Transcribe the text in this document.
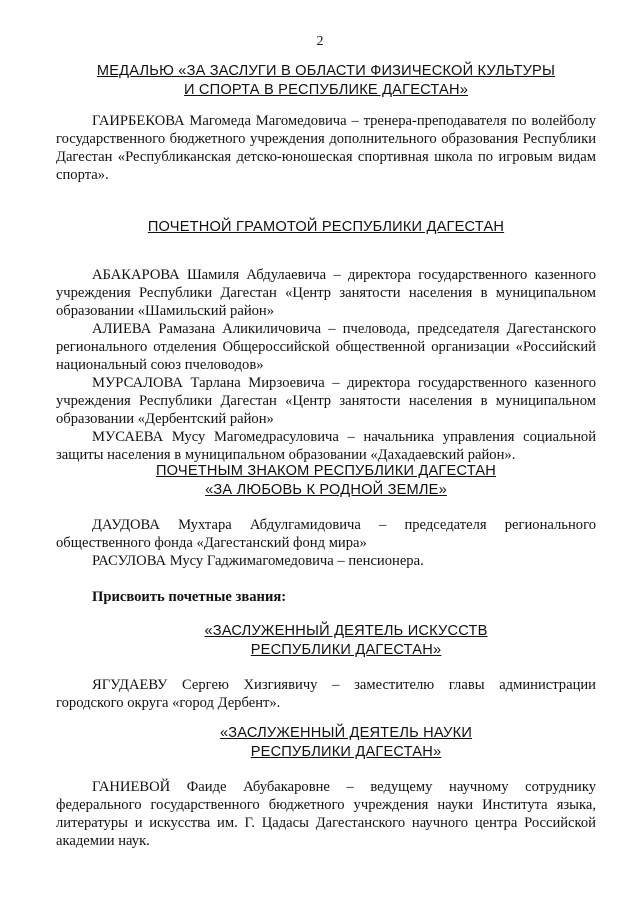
2
МЕДАЛЬЮ «ЗА ЗАСЛУГИ В ОБЛАСТИ ФИЗИЧЕСКОЙ КУЛЬТУРЫ
И СПОРТА В РЕСПУБЛИКЕ ДАГЕСТАН»

ГАИРБЕКОВА Магомеда Магомедовича – тренера-преподавателя по волейболу государственного бюджетного учреждения дополнительного образования Республики Дагестан «Республиканская детско-юношеская спортивная школа по игровым видам спорта».

ПОЧЕТНОЙ ГРАМОТОЙ РЕСПУБЛИКИ ДАГЕСТАН

АБАКАРОВА Шамиля Абдулаевича – директора государственного казенного учреждения Республики Дагестан «Центр занятости населения в муниципальном образовании «Шамильский район»

АЛИЕВА Рамазана Аликиличовича – пчеловода, председателя Дагестанского регионального отделения Общероссийской общественной организации «Российский национальный союз пчеловодов»

МУРСАЛОВА Тарлана Мирзоевича – директора государственного казенного учреждения Республики Дагестан «Центр занятости населения в муниципальном образовании «Дербентский район»

МУСАЕВА Мусу Магомедрасуловича – начальника управления социальной защиты населения в муниципальном образовании «Дахадаевский район».

ПОЧЕТНЫМ ЗНАКОМ РЕСПУБЛИКИ ДАГЕСТАН
«ЗА ЛЮБОВЬ К РОДНОЙ ЗЕМЛЕ»

ДАУДОВА Мухтара Абдулгамидовича – председателя регионального общественного фонда «Дагестанский фонд мира»

РАСУЛОВА Мусу Гаджимагомедовича – пенсионера.

Присвоить почетные звания:

«ЗАСЛУЖЕННЫЙ ДЕЯТЕЛЬ ИСКУССТВ
РЕСПУБЛИКИ ДАГЕСТАН»

ЯГУДАЕВУ Сергею Хизгиявичу – заместителю главы администрации городского округа «город Дербент».

«ЗАСЛУЖЕННЫЙ ДЕЯТЕЛЬ НАУКИ
РЕСПУБЛИКИ ДАГЕСТАН»

ГАНИЕВОЙ Фаиде Абубакаровне – ведущему научному сотруднику федерального государственного бюджетного учреждения науки Института языка, литературы и искусства им. Г. Цадасы Дагестанского научного центра Российской академии наук.
